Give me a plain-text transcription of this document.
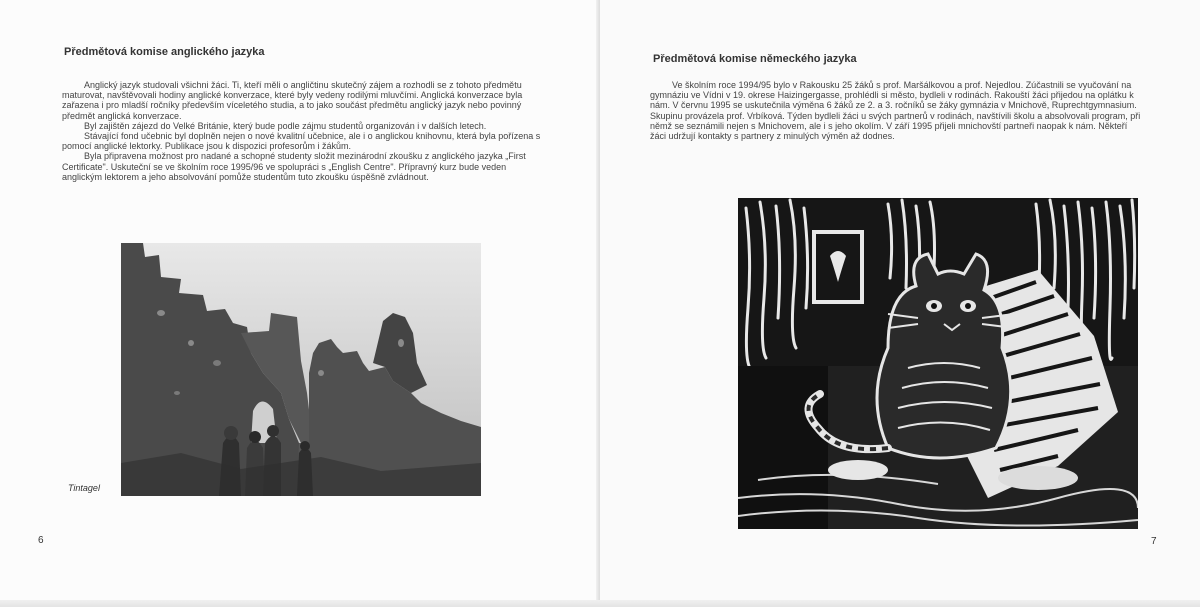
Předmětová komise anglického jazyka

Anglický jazyk studovali všichni žáci. Ti, kteří měli o angličtinu skutečný zájem a rozhodli se z tohoto předmětu maturovat, navštěvovali hodiny anglické konverzace, které byly vedeny rodilými mluvčími. Anglická konverzace byla zařazena i pro mladší ročníky především víceletého studia, a to jako součást předmětu anglický jazyk nebo povinný předmět anglická konverzace.

Byl zajištěn zájezd do Velké Británie, který bude podle zájmu studentů organizován i v dalších letech.

Stávající fond učebnic byl doplněn nejen o nové kvalitní učebnice, ale i o anglickou knihovnu, která byla pořízena s pomocí anglické lektorky. Publikace jsou k dispozici profesorům i žákům.

Byla připravena možnost pro nadané a schopné studenty složit mezinárodní zkoušku z anglického jazyka „First Certificate". Uskuteční se ve školním roce 1995/96 ve spolupráci s „English Centre". Přípravný kurz bude veden anglickým lektorem a jeho absolvování pomůže studentům tuto zkoušku úspěšně zvládnout.

Tintagel
6
Předmětová komise německého jazyka

Ve školním roce 1994/95 bylo v Rakousku 25 žáků s prof. Maršálkovou a prof. Nejedlou. Zúčastnili se vyučování na gymnáziu ve Vídni v 19. okrese Haizingergasse, prohlédli si město, bydleli v rodinách. Rakouští žáci přijedou na oplátku k nám. V červnu 1995 se uskutečnila výměna 6 žáků ze 2. a 3. ročníků se žáky gymnázia v Mnichově, Ruprechtgymnasium. Skupinu provázela prof. Vrbíková. Týden bydleli žáci u svých partnerů v rodinách, navštívili školu a absolvovali program, při němž se seznámili nejen s Mnichovem, ale i s jeho okolím. V září 1995 přijeli mnichovští partneři naopak k nám. Někteří žáci udržují kontakty s partnery z minulých výměn až dodnes.

7
